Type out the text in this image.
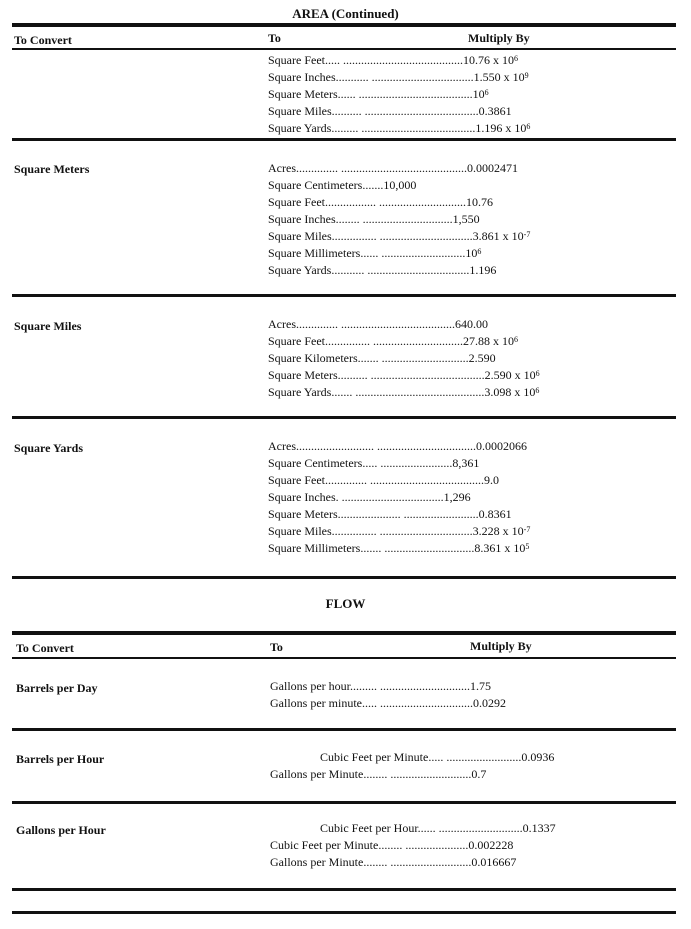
AREA (Continued)
To Convert	To	Multiply By
Square Feet..... ........................................10.76 x $10^6$
Square Inches........... ..................................1.550 x $10^9$
Square Meters...... ......................................10$^6$
Square Miles.......... ......................................0.3861
Square Yards......... ......................................1.196 x $10^6$
Square Meters	Acres.............. ..........................................0.0002471
Square Centimeters.......10,000
Square Feet................. .............................10.76
Square Inches........ ..............................1,550
Square Miles............... ...............................3.861 x $10^{-7}$
Square Millimeters...... ............................10$^6$
Square Yards........... ..................................1.196
Square Miles	Acres.............. ......................................640.00
Square Feet............... ..............................27.88 x $10^6$
Square Kilometers....... .............................2.590
Square Meters.......... ......................................2.590 x $10^6$
Square Yards....... ...........................................3.098 x $10^6$
Square Yards	Acres.......................... .................................0.0002066
Square Centimeters..... ........................8,361
Square Feet.............. ......................................9.0
Square Inches. ..................................1,296
Square Meters..................... .........................0.8361
Square Miles............... ...............................3.228 x $10^{-7}$
Square Millimeters....... ..............................8.361 x $10^5$
FLOW
To Convert	To	Multiply By
Barrels per Day	Gallons per hour......... ..............................1.75
Gallons per minute..... ...............................0.0292
Barrels per Hour	Cubic Feet per Minute..... .........................0.0936
Gallons per Minute........ ...........................0.7
Gallons per Hour	Cubic Feet per Hour...... ............................0.1337
Cubic Feet per Minute........ .....................0.002228
Gallons per Minute........ ...........................0.016667
